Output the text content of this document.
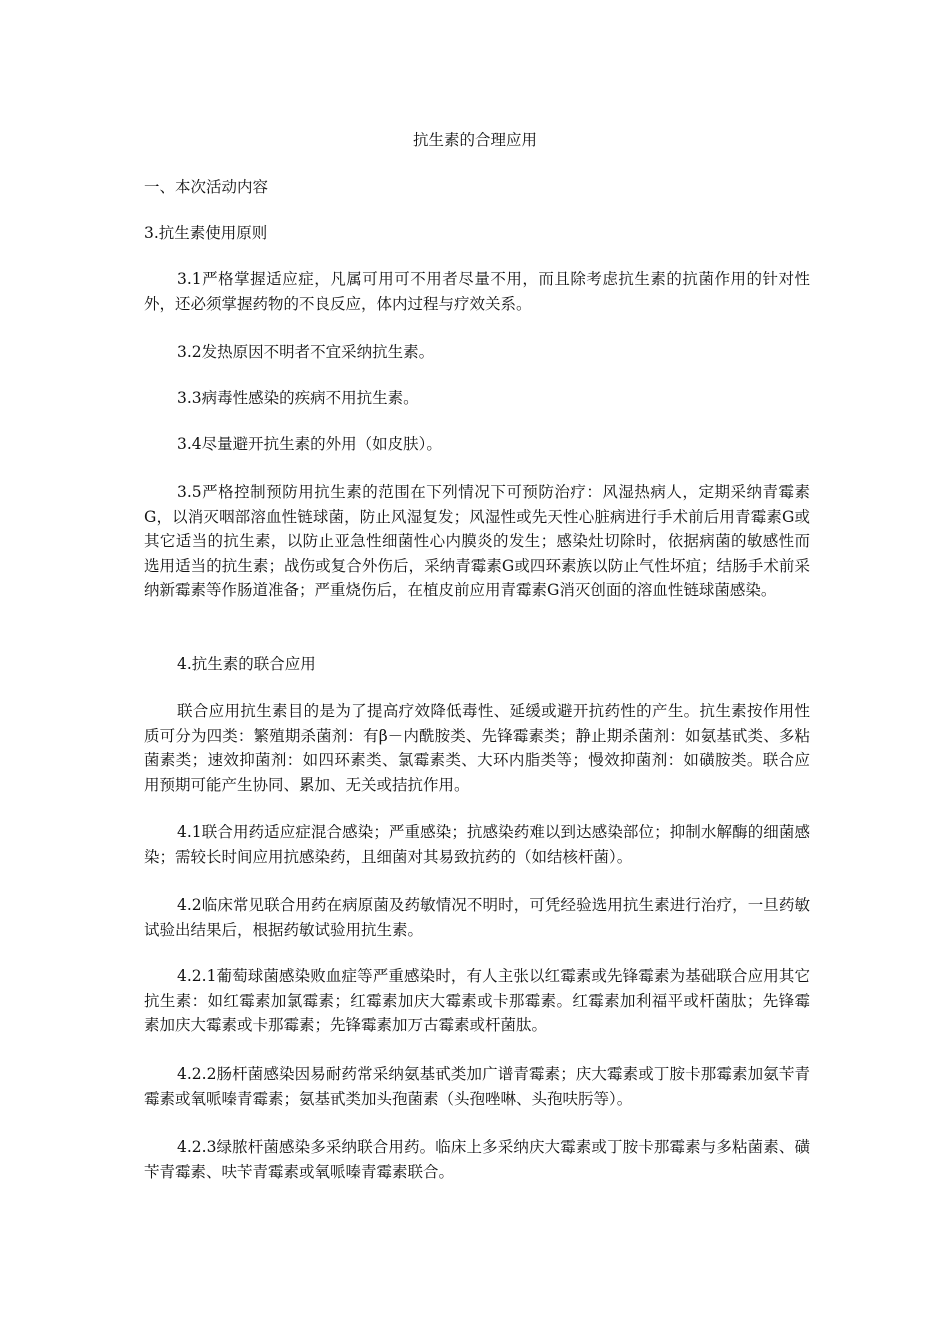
抗生素的合理应用
一、本次活动内容
3.抗生素使用原则

3.1严格掌握适应症，凡属可用可不用者尽量不用，而且除考虑抗生素的抗菌作用的针对性外，还必须掌握药物的不良反应，体内过程与疗效关系。

3.2发热原因不明者不宜采纳抗生素。

3.3病毒性感染的疾病不用抗生素。

3.4尽量避开抗生素的外用（如皮肤）。

3.5严格控制预防用抗生素的范围在下列情况下可预防治疗：风湿热病人，定期采纳青霉素G，以消灭咽部溶血性链球菌，防止风湿复发；风湿性或先天性心脏病进行手术前后用青霉素G或其它适当的抗生素，以防止亚急性细菌性心内膜炎的发生；感染灶切除时，依据病菌的敏感性而选用适当的抗生素；战伤或复合外伤后，采纳青霉素G或四环素族以防止气性坏疽；结肠手术前采纳新霉素等作肠道准备；严重烧伤后，在植皮前应用青霉素G消灭创面的溶血性链球菌感染。

4.抗生素的联合应用

联合应用抗生素目的是为了提高疗效降低毒性、延缓或避开抗药性的产生。抗生素按作用性质可分为四类：繁殖期杀菌剂：有β－内酰胺类、先锋霉素类；静止期杀菌剂：如氨基甙类、多粘菌素类；速效抑菌剂：如四环素类、氯霉素类、大环内脂类等；慢效抑菌剂：如磺胺类。联合应用预期可能产生协同、累加、无关或拮抗作用。

4.1联合用药适应症混合感染；严重感染；抗感染药难以到达感染部位；抑制水解酶的细菌感染；需较长时间应用抗感染药，且细菌对其易致抗药的（如结核杆菌）。

4.2临床常见联合用药在病原菌及药敏情况不明时，可凭经验选用抗生素进行治疗，一旦药敏试验出结果后，根据药敏试验用抗生素。

4.2.1葡萄球菌感染败血症等严重感染时，有人主张以红霉素或先锋霉素为基础联合应用其它抗生素：如红霉素加氯霉素；红霉素加庆大霉素或卡那霉素。红霉素加利福平或杆菌肽；先锋霉素加庆大霉素或卡那霉素；先锋霉素加万古霉素或杆菌肽。

4.2.2肠杆菌感染因易耐药常采纳氨基甙类加广谱青霉素；庆大霉素或丁胺卡那霉素加氨苄青霉素或氧哌嗪青霉素；氨基甙类加头孢菌素（头孢唑啉、头孢呋肟等）。

4.2.3绿脓杆菌感染多采纳联合用药。临床上多采纳庆大霉素或丁胺卡那霉素与多粘菌素、磺苄青霉素、呋苄青霉素或氧哌嗪青霉素联合。
